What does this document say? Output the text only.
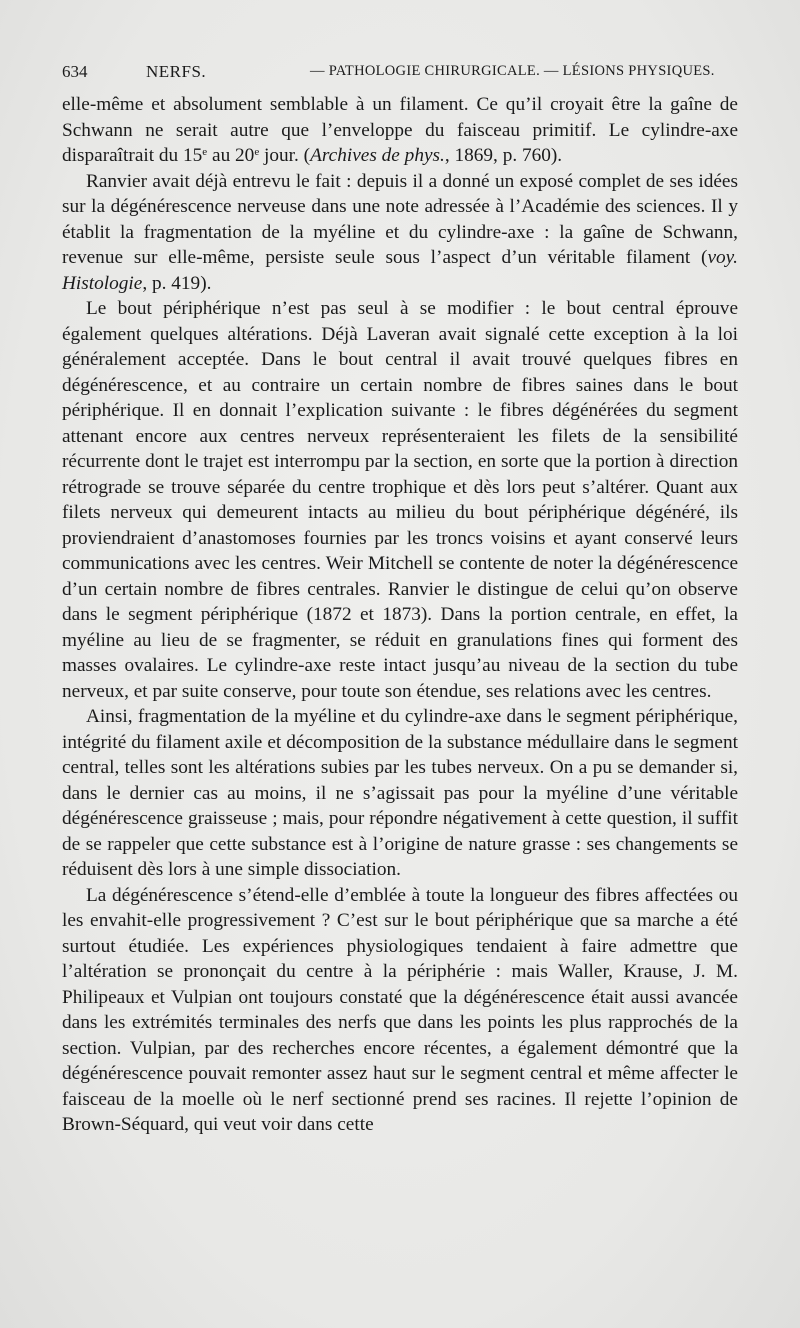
634	NERFS.	— PATHOLOGIE CHIRURGICALE. — LÉSIONS PHYSIQUES.

elle-même et absolument semblable à un filament. Ce qu’il croyait être la gaîne de Schwann ne serait autre que l’enveloppe du faisceau primitif. Le cylindre-axe disparaîtrait du 15e au 20e jour. (Archives de phys., 1869, p. 760).

Ranvier avait déjà entrevu le fait : depuis il a donné un exposé complet de ses idées sur la dégénérescence nerveuse dans une note adressée à l’Académie des sciences. Il y établit la fragmentation de la myéline et du cylindre-axe : la gaîne de Schwann, revenue sur elle-même, persiste seule sous l’aspect d’un véritable filament (voy. Histologie, p. 419).

Le bout périphérique n’est pas seul à se modifier : le bout central éprouve également quelques altérations. Déjà Laveran avait signalé cette exception à la loi généralement acceptée. Dans le bout central il avait trouvé quelques fibres en dégénérescence, et au contraire un certain nombre de fibres saines dans le bout périphérique. Il en donnait l’explication suivante : le fibres dégénérées du segment attenant encore aux centres nerveux représenteraient les filets de la sensibilité récurrente dont le trajet est interrompu par la section, en sorte que la portion à direction rétrograde se trouve séparée du centre trophique et dès lors peut s’altérer. Quant aux filets nerveux qui demeurent intacts au milieu du bout périphérique dégénéré, ils proviendraient d’anastomoses fournies par les troncs voisins et ayant conservé leurs communications avec les centres. Weir Mitchell se contente de noter la dégénérescence d’un certain nombre de fibres centrales. Ranvier le distingue de celui qu’on observe dans le segment périphérique (1872 et 1873). Dans la portion centrale, en effet, la myéline au lieu de se fragmenter, se réduit en granulations fines qui forment des masses ovalaires. Le cylindre-axe reste intact jusqu’au niveau de la section du tube nerveux, et par suite conserve, pour toute son étendue, ses relations avec les centres.

Ainsi, fragmentation de la myéline et du cylindre-axe dans le segment périphérique, intégrité du filament axile et décomposition de la substance médullaire dans le segment central, telles sont les altérations subies par les tubes nerveux. On a pu se demander si, dans le dernier cas au moins, il ne s’agissait pas pour la myéline d’une véritable dégénérescence graisseuse ; mais, pour répondre négativement à cette question, il suffit de se rappeler que cette substance est à l’origine de nature grasse : ses changements se réduisent dès lors à une simple dissociation.

La dégénérescence s’étend-elle d’emblée à toute la longueur des fibres affectées ou les envahit-elle progressivement ? C’est sur le bout périphérique que sa marche a été surtout étudiée. Les expériences physiologiques tendaient à faire admettre que l’altération se prononçait du centre à la périphérie : mais Waller, Krause, J. M. Philipeaux et Vulpian ont toujours constaté que la dégénérescence était aussi avancée dans les extrémités terminales des nerfs que dans les points les plus rapprochés de la section. Vulpian, par des recherches encore récentes, a également démontré que la dégénérescence pouvait remonter assez haut sur le segment central et même affecter le faisceau de la moelle où le nerf sectionné prend ses racines. Il rejette l’opinion de Brown-Séquard, qui veut voir dans cette
